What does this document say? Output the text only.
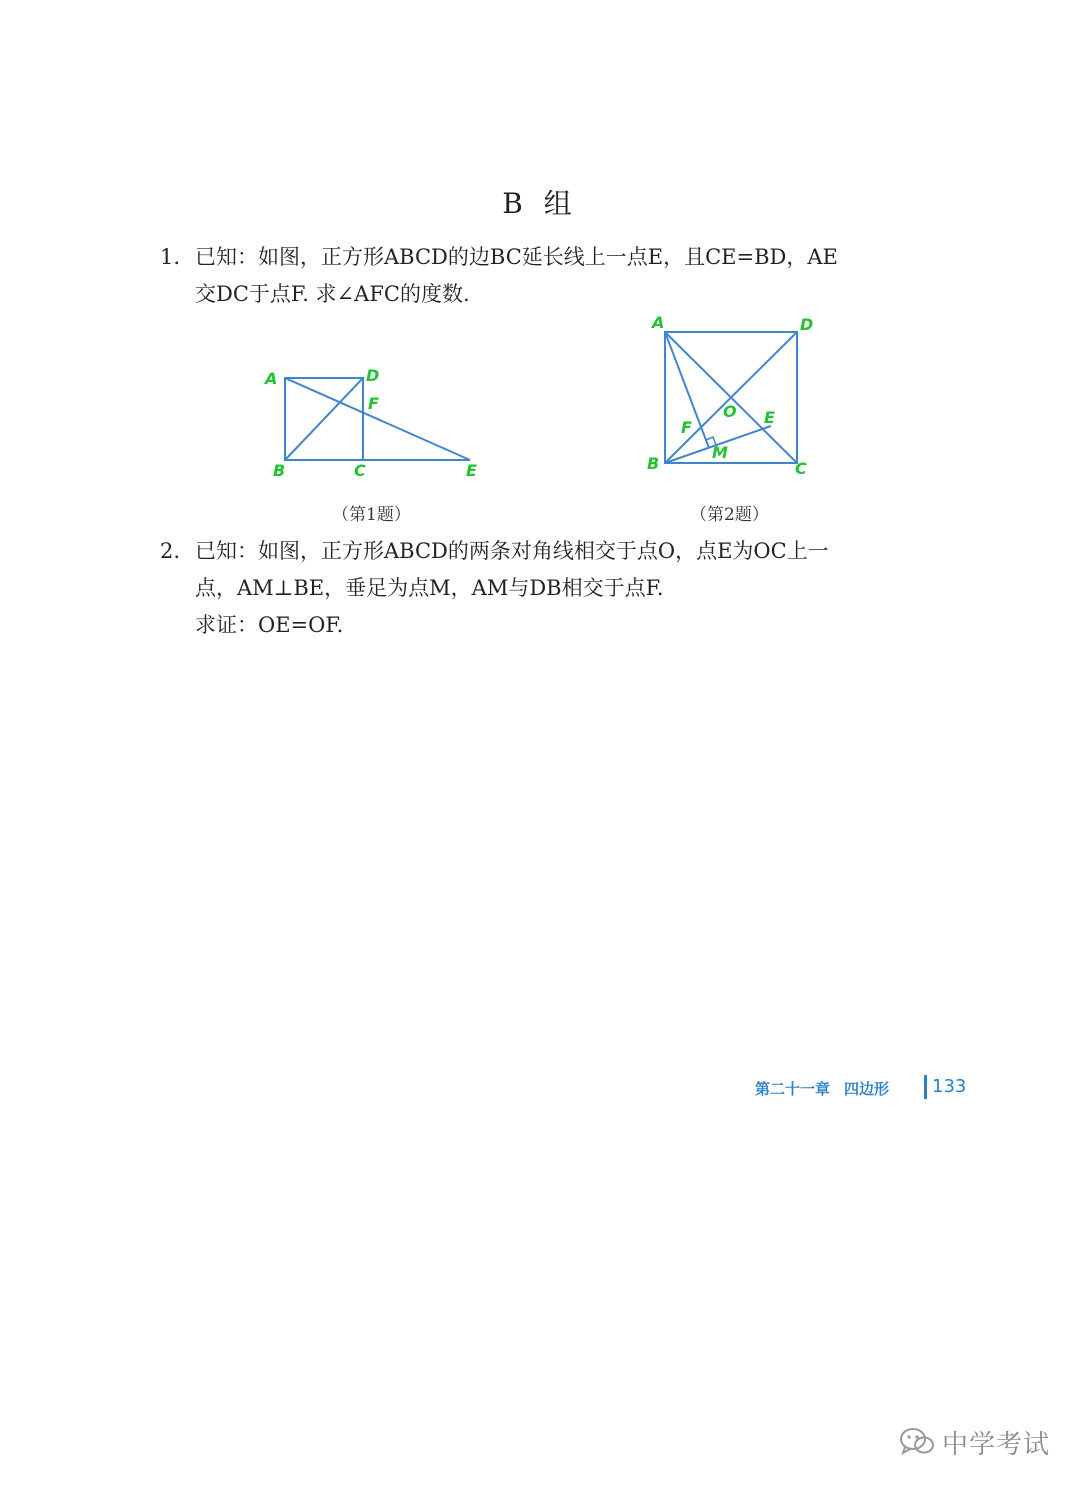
B 组
1. 已知：如图，正方形ABCD的边BC延长线上一点E，且CE=BD，AE
交DC于点F. 求∠AFC的度数.
A	D
F
B	C	E
（第1题）
A	D
O E
F
B
M
C
（第2题）
2. 已知：如图，正方形ABCD的两条对角线相交于点O，点E为OC上一
点，AM⊥BE，垂足为点M，AM与DB相交于点F.
求证：OE=OF.
第二十一章 四边形	133
中学考试
